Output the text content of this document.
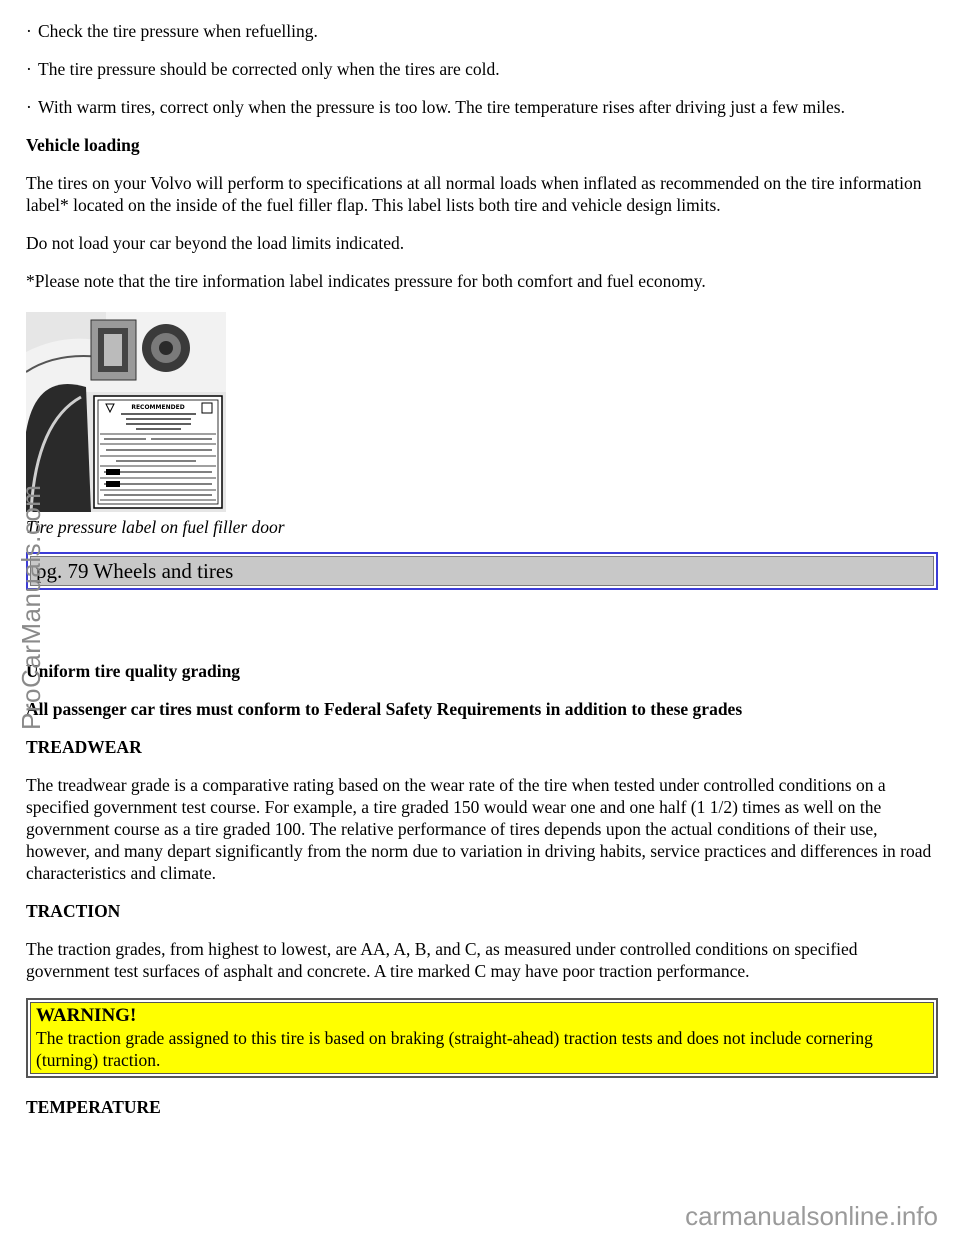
· Check the tire pressure when refuelling.

· The tire pressure should be corrected only when the tires are cold.

· With warm tires, correct only when the pressure is too low. The tire temperature rises after driving just a few miles.

Vehicle loading

The tires on your Volvo will perform to specifications at all normal loads when inflated as recommended on the tire information label* located on the inside of the fuel filler flap. This label lists both tire and vehicle design limits.

Do not load your car beyond the load limits indicated.

*Please note that the tire information label indicates pressure for both comfort and fuel economy.

RECOMMENDED

Tire pressure label on fuel filler door

pg. 79 Wheels and tires

Uniform tire quality grading

All passenger car tires must conform to Federal Safety Requirements in addition to these grades

TREADWEAR

The treadwear grade is a comparative rating based on the wear rate of the tire when tested under controlled conditions on a specified government test course. For example, a tire graded 150 would wear one and one half (1 1/2) times as well on the government course as a tire graded 100. The relative performance of tires depends upon the actual conditions of their use, however, and many depart significantly from the norm due to variation in driving habits, service practices and differences in road characteristics and climate.

TRACTION

The traction grades, from highest to lowest, are AA, A, B, and C, as measured under controlled conditions on specified government test surfaces of asphalt and concrete. A tire marked C may have poor traction performance.

WARNING!
The traction grade assigned to this tire is based on braking (straight-ahead) traction tests and does not include cornering (turning) traction.

TEMPERATURE

ProCarManuals.com
carmanualsonline.info
